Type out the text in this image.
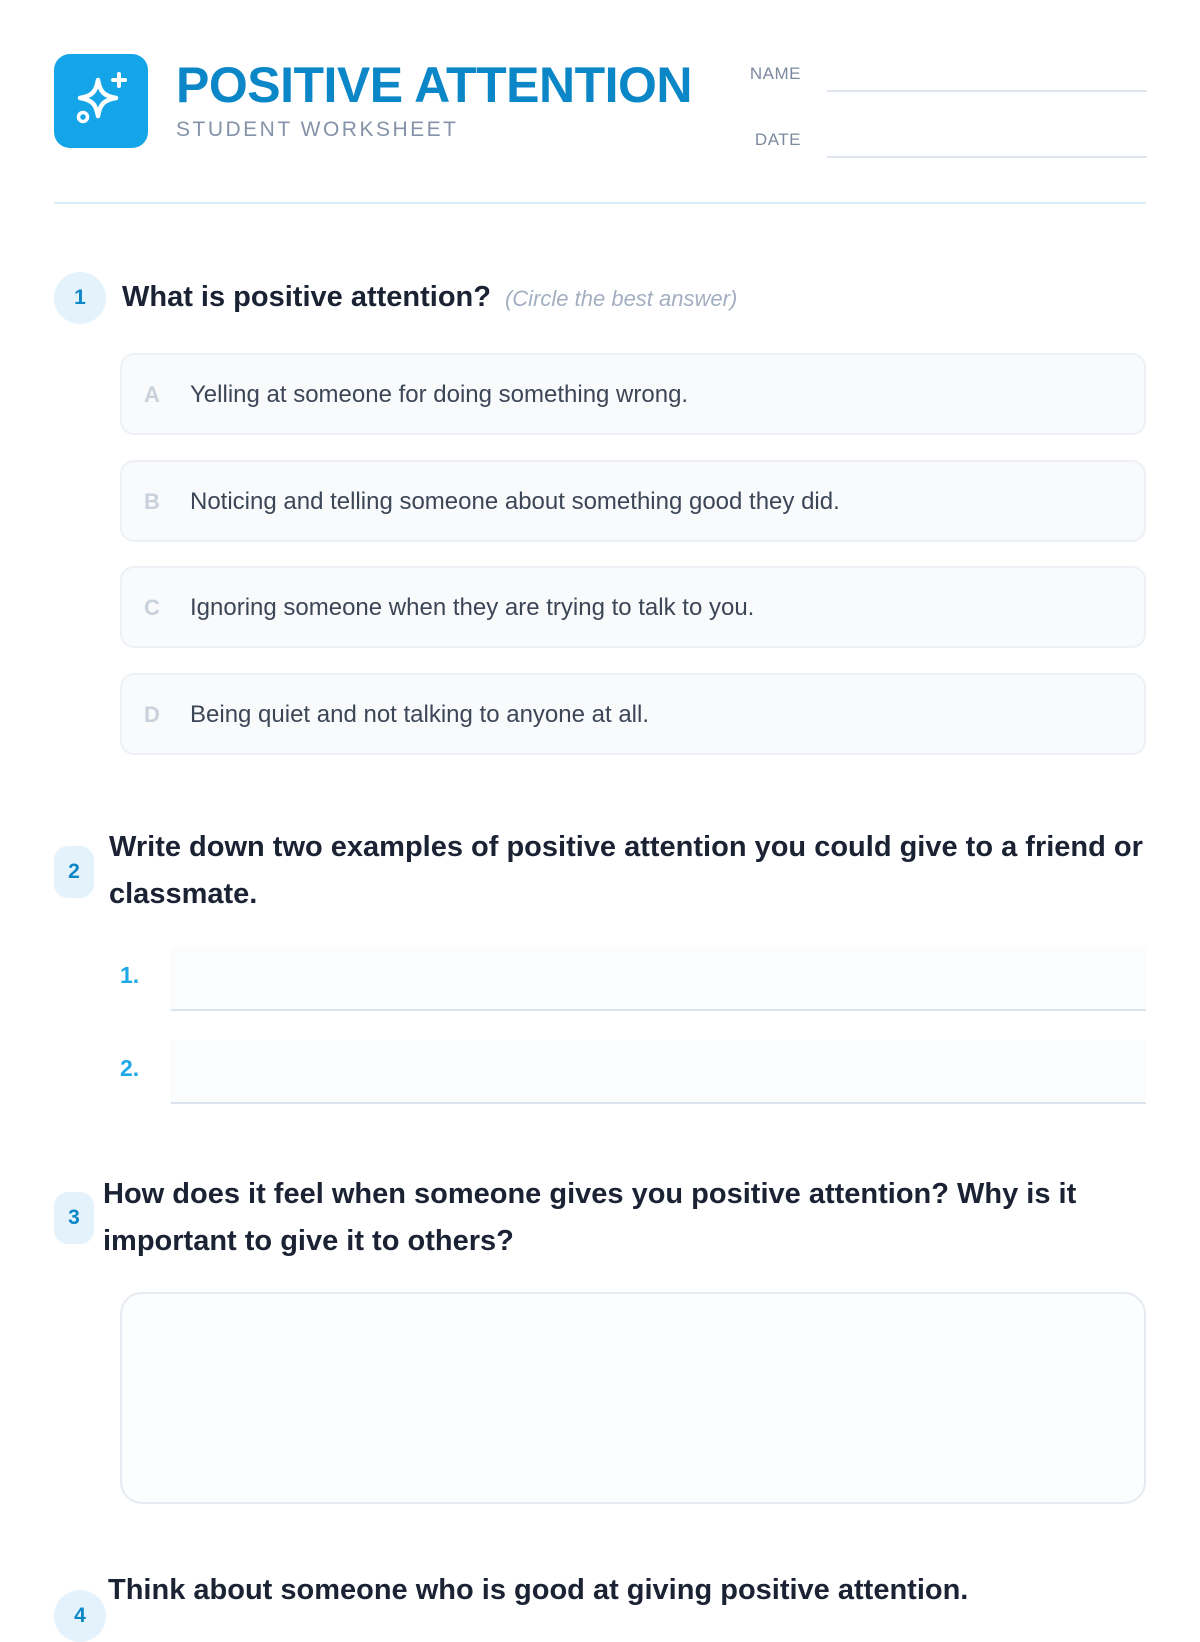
POSITIVE ATTENTION
STUDENT WORKSHEET
NAME
DATE
1	What is positive attention? (Circle the best answer)

A Yelling at someone for doing something wrong.
B Noticing and telling someone about something good they did.
C Ignoring someone when they are trying to talk to you.
D Being quiet and not talking to anyone at all.
2

Write down two examples of positive attention you could give to a friend or classmate.

1.
2.
3

How does it feel when someone gives you positive attention? Why is it important to give it to others?

4

Think about someone who is good at giving positive attention.
